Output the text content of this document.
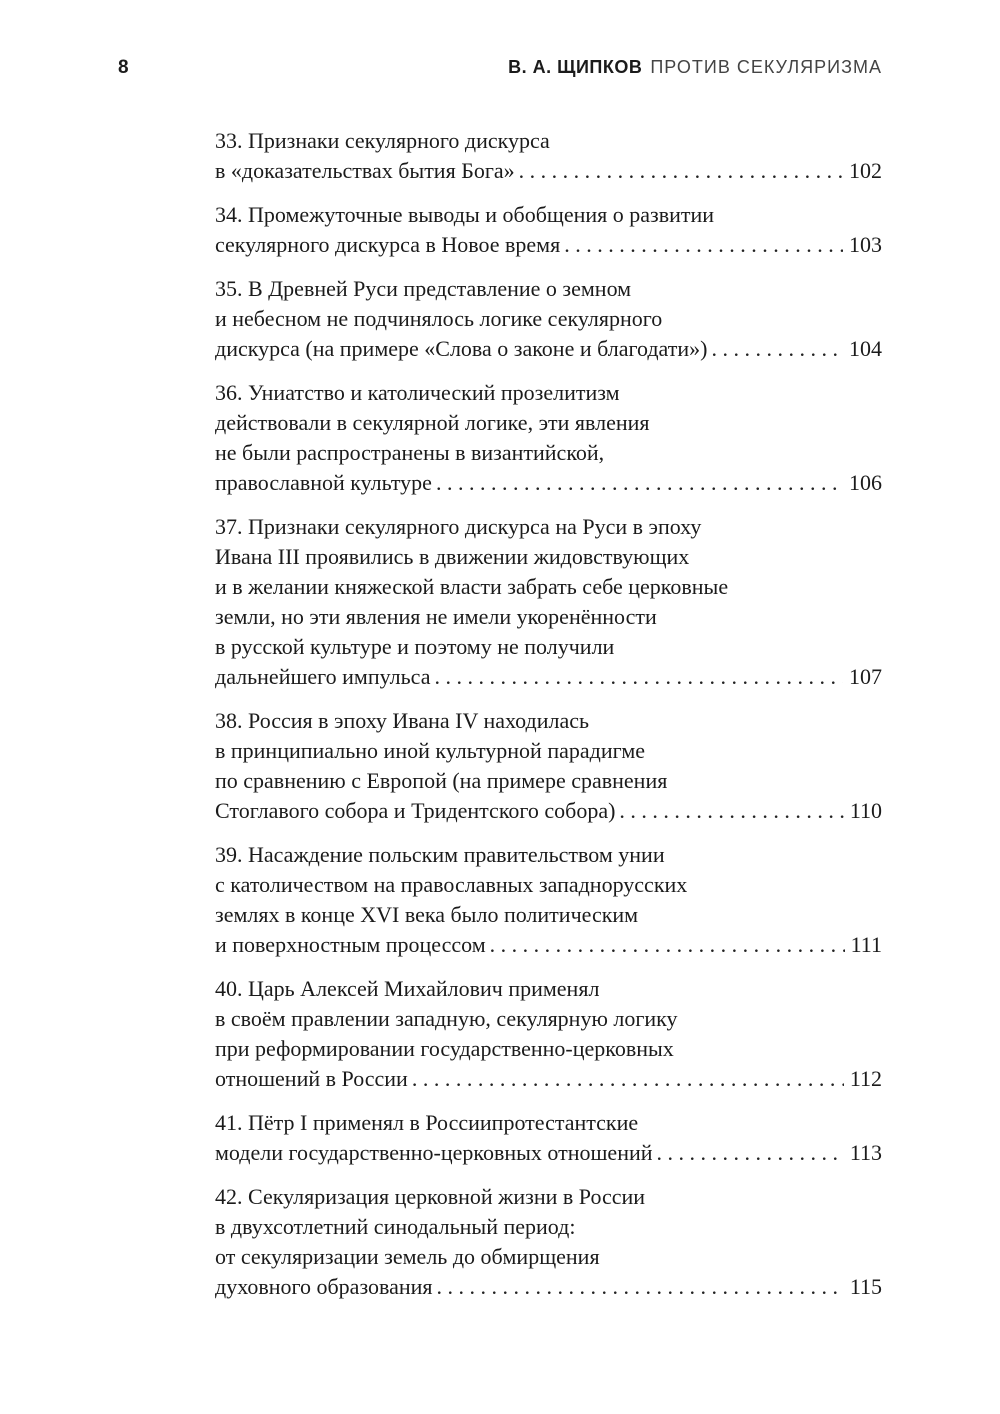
8	В. А. ЩИПКОВ ПРОТИВ СЕКУЛЯРИЗМА
33. Признаки секулярного дискурса
в «доказательствах бытия Бога» . . .	102
34. Промежуточные выводы и обобщения о развитии
секулярного дискурса в Новое время . . .	103
35. В Древней Руси представление о земном
и небесном не подчинялось логике секулярного
дискурса (на примере «Слова о законе и благодати») . . .	104
36. Униатство и католический прозелитизм
действовали в секулярной логике, эти явления
не были распространены в византийской,
православной культуре . . .	106
37. Признаки секулярного дискурса на Руси в эпоху
Ивана III проявились в движении жидовствующих
и в желании княжеской власти забрать себе церковные
земли, но эти явления не имели укоренённости
в русской культуре и поэтому не получили
дальнейшего импульса . . .	107
38. Россия в эпоху Ивана IV находилась
в принципиально иной культурной парадигме
по сравнению с Европой (на примере сравнения
Стоглавого собора и Тридентского собора) . . .	110
39. Насаждение польским правительством унии
с католичеством на православных западнорусских
землях в конце XVI века было политическим
и поверхностным процессом . . .	111
40. Царь Алексей Михайлович применял
в своём правлении западную, секулярную логику
при реформировании государственно-церковных
отношений в России . . .	112
41. Пётр I применял в Россиипротестантские
модели государственно-церковных отношений . . .	113
42. Секуляризация церковной жизни в России
в двухсотлетний синодальный период:
от секуляризации земель до обмирщения
духовного образования . . .	115
